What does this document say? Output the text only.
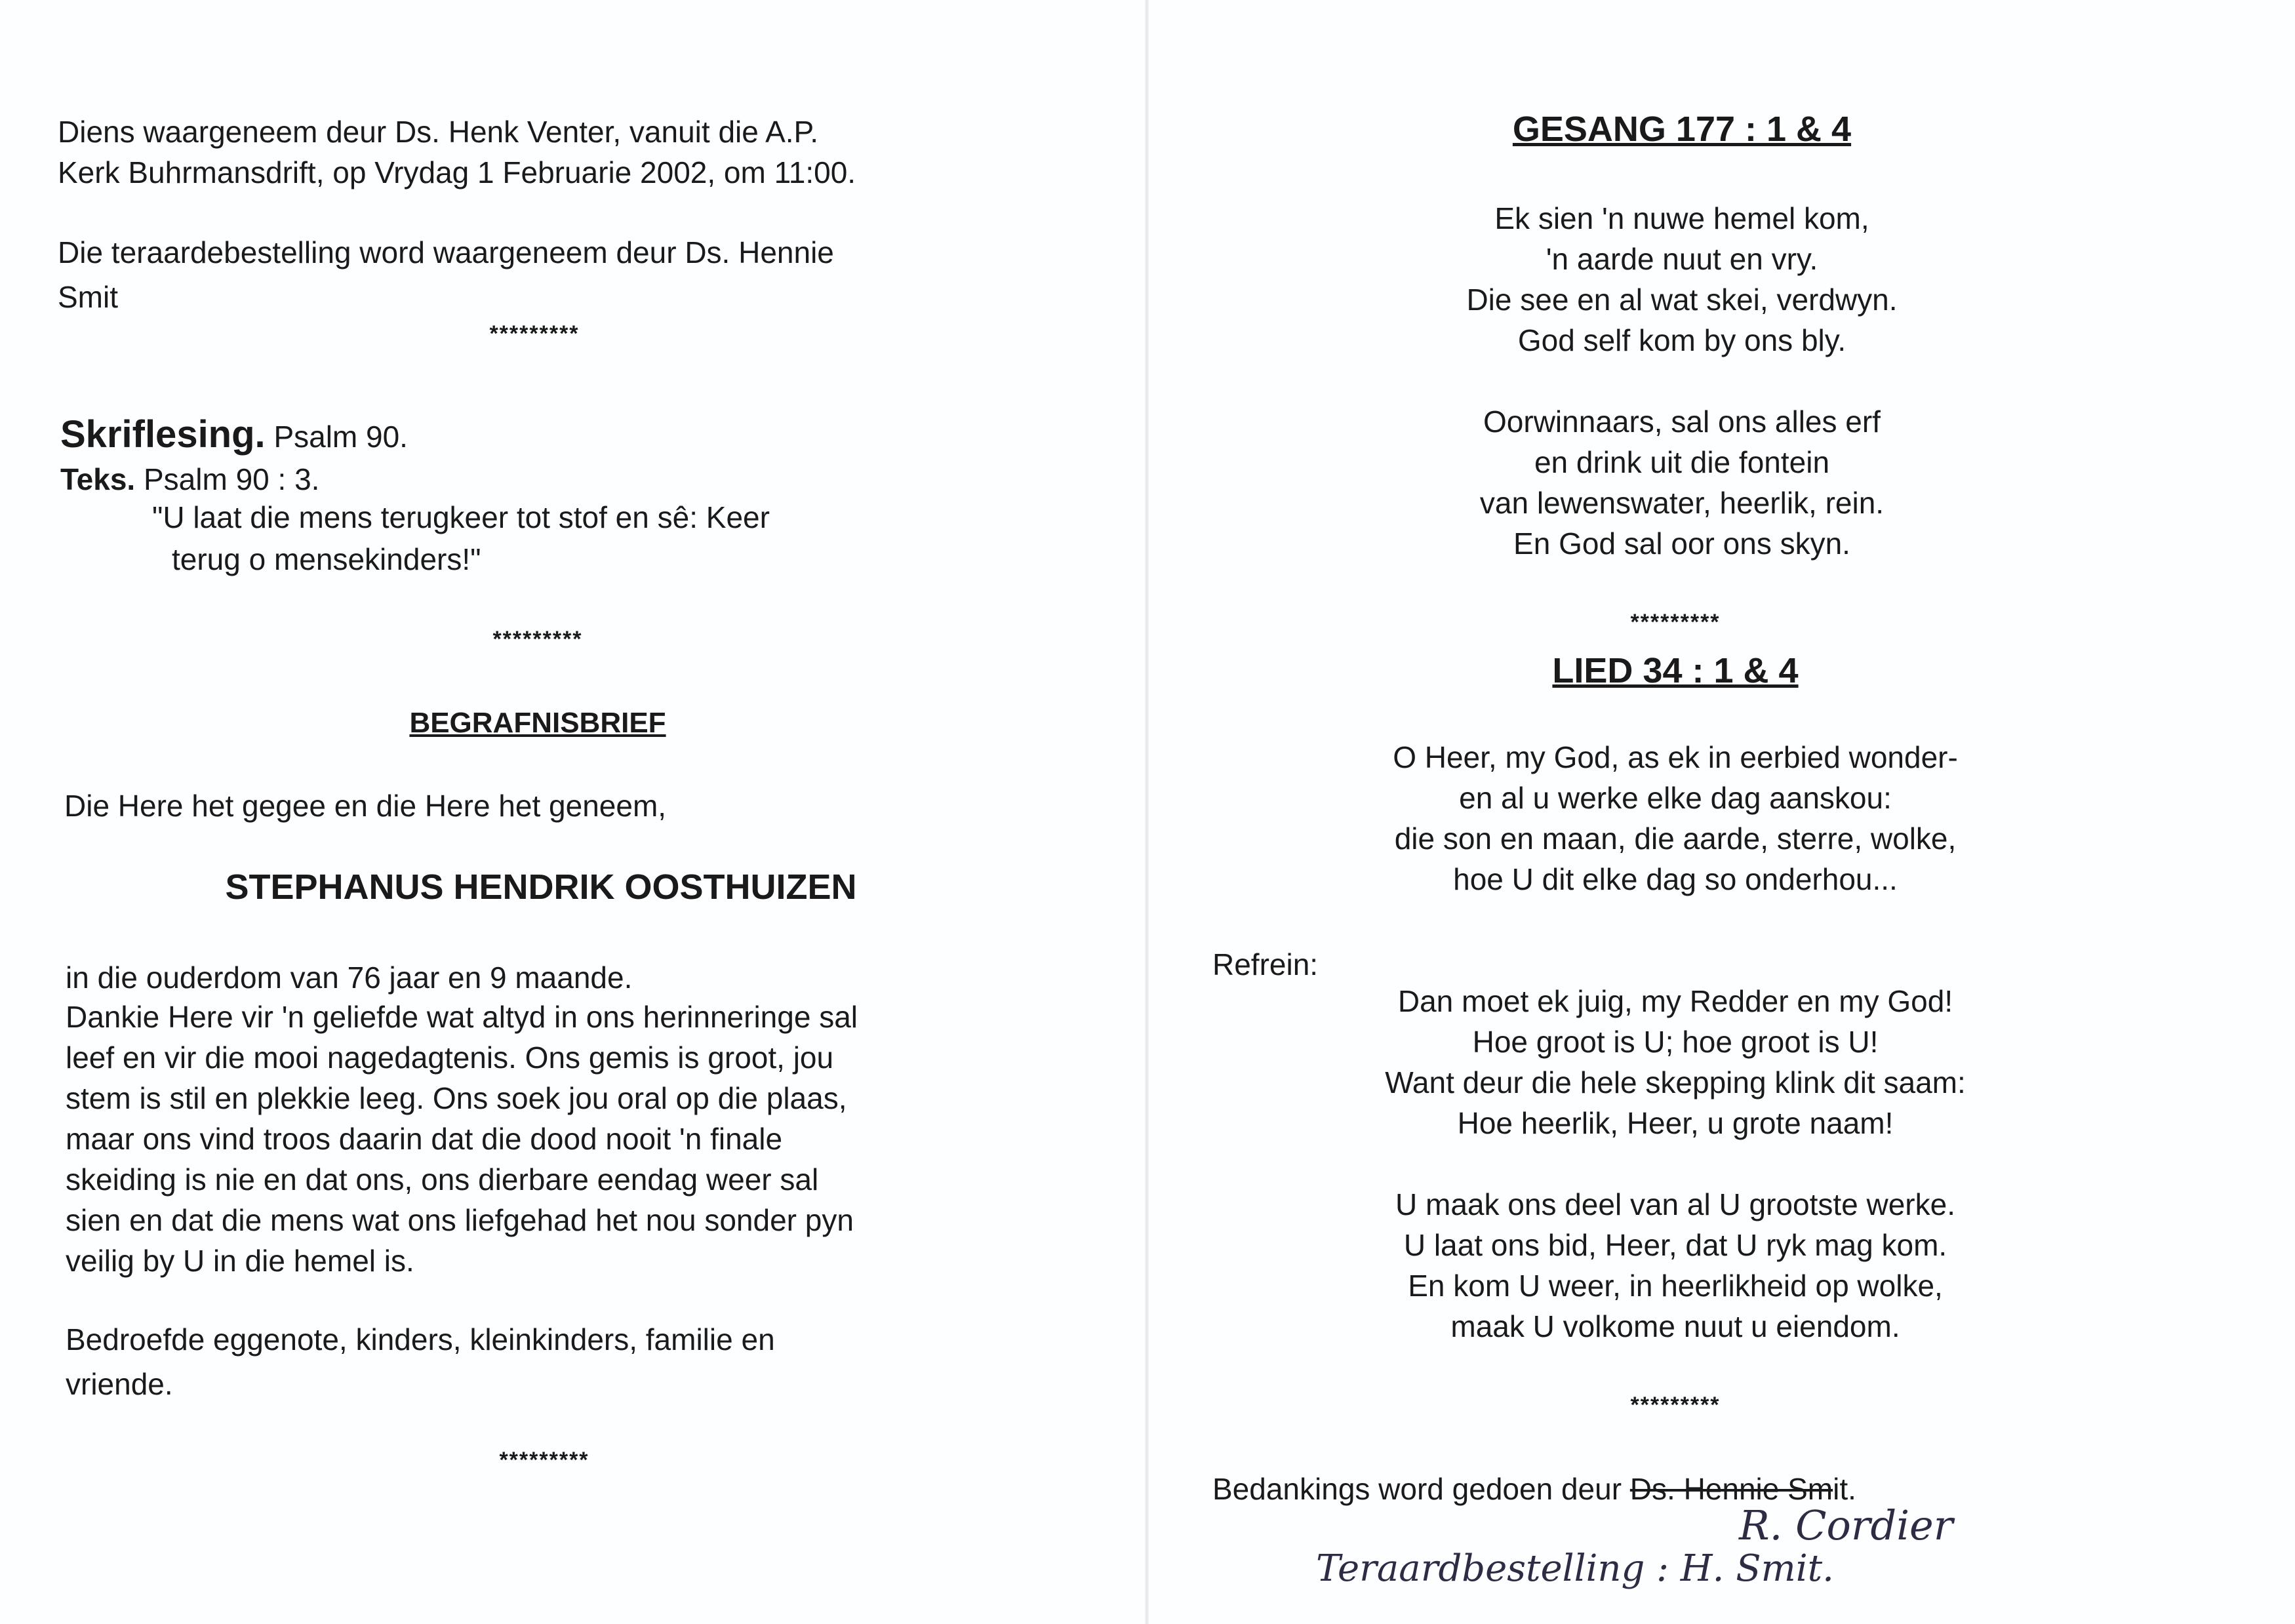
Diens waargeneem deur Ds. Henk Venter, vanuit die A.P.

Kerk Buhrmansdrift, op Vrydag 1 Februarie 2002, om 11:00.

Die teraardebestelling word waargeneem deur Ds. Hennie

Smit

*********

Skriflesing. Psalm 90.

Teks. Psalm 90 : 3.

"U laat die mens terugkeer tot stof en sê: Keer

terug o mensekinders!"

*********

BEGRAFNISBRIEF

Die Here het gegee en die Here het geneem,

STEPHANUS HENDRIK OOSTHUIZEN

in die ouderdom van 76 jaar en 9 maande.

Dankie Here vir 'n geliefde wat altyd in ons herinneringe sal

leef en vir die mooi nagedagtenis. Ons gemis is groot, jou

stem is stil en plekkie leeg. Ons soek jou oral op die plaas,

maar ons vind troos daarin dat die dood nooit 'n finale

skeiding is nie en dat ons, ons dierbare eendag weer sal

sien en dat die mens wat ons liefgehad het nou sonder pyn

veilig by U in die hemel is.

Bedroefde eggenote, kinders, kleinkinders, familie en

vriende.

*********

GESANG 177 : 1 & 4

Ek sien 'n nuwe hemel kom,

'n aarde nuut en vry.

Die see en al wat skei, verdwyn.

God self kom by ons bly.

Oorwinnaars, sal ons alles erf

en drink uit die fontein

van lewenswater, heerlik, rein.

En God sal oor ons skyn.

*********

LIED 34 : 1 & 4

O Heer, my God, as ek in eerbied wonder-

en al u werke elke dag aanskou:

die son en maan, die aarde, sterre, wolke,

hoe U dit elke dag so onderhou...

Refrein:

Dan moet ek juig, my Redder en my God!

Hoe groot is U; hoe groot is U!

Want deur die hele skepping klink dit saam:

Hoe heerlik, Heer, u grote naam!

U maak ons deel van al U grootste werke.

U laat ons bid, Heer, dat U ryk mag kom.

En kom U weer, in heerlikheid op wolke,

maak U volkome nuut u eiendom.

*********

Bedankings word gedoen deur Ds. Hennie Smit.

R. Cordier

Teraardbestelling : H. Smit.
